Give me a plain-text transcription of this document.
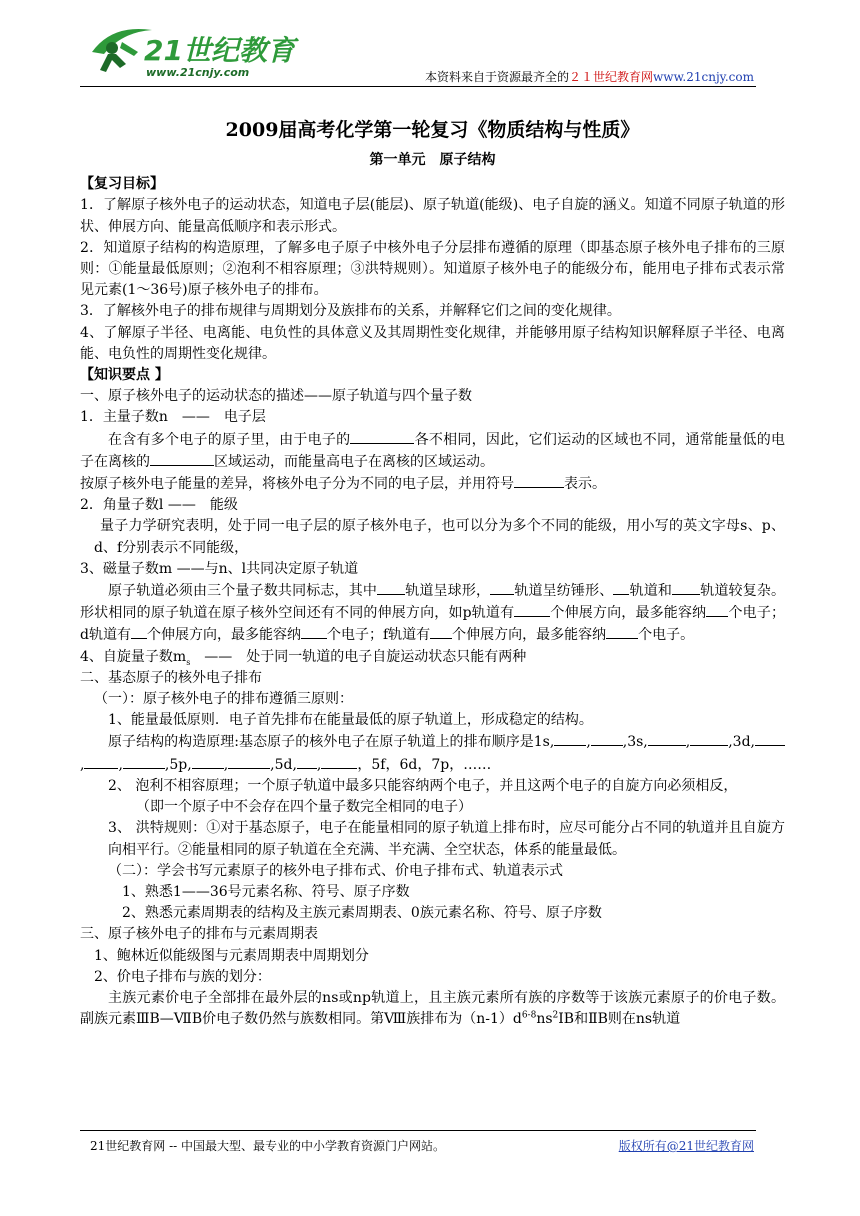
21世纪教育
www.21cnjy.com	本资料来自于资源最齐全的２１世纪教育网www.21cnjy.com
2009届高考化学第一轮复习《物质结构与性质》
第一单元　原子结构

【复习目标】

1．了解原子核外电子的运动状态，知道电子层(能层)、原子轨道(能级)、电子自旋的涵义。知道不同原子轨道的形状、伸展方向、能量高低顺序和表示形式。

2．知道原子结构的构造原理，了解多电子原子中核外电子分层排布遵循的原理（即基态原子核外电子排布的三原则：①能量最低原则；②泡利不相容原理；③洪特规则）。知道原子核外电子的能级分布，能用电子排布式表示常见元素(1～36号)原子核外电子的排布。

3．了解核外电子的排布规律与周期划分及族排布的关系，并解释它们之间的变化规律。

4、了解原子半径、电离能、电负性的具体意义及其周期性变化规律，并能够用原子结构知识解释原子半径、电离能、电负性的周期性变化规律。

【知识要点 】

一、原子核外电子的运动状态的描述——原子轨道与四个量子数

1．主量子数n　——　电子层

在含有多个电子的原子里，由于电子的	各不相同，因此，它们运动的区域也不同，通常能量低的电子在离核的	区域运动，而能量高电子在离核的区域运动。

按原子核外电子能量的差异，将核外电子分为不同的电子层，并用符号	表示。

2．角量子数l ——　能级

量子力学研究表明，处于同一电子层的原子核外电子，也可以分为多个不同的能级，用小写的英文字母s、p、d、f分别表示不同能级，

3、磁量子数m ——与n、l共同决定原子轨道

原子轨道必须由三个量子数共同标志，其中 轨道呈球形， 轨道呈纺锤形、 轨道和 轨道较复杂。形状相同的原子轨道在原子核外空间还有不同的伸展方向，如p轨道有	个伸展方向，最多能容纳 个电子；d轨道有 个伸展方向，最多能容纳 个电子；f轨道有 个伸展方向，最多能容纳 个电子。

4、自旋量子数$m_s$　 ——　处于同一轨道的电子自旋运动状态只能有两种

二、基态原子的核外电子排布

（一）：原子核外电子的排布遵循三原则：

1、能量最低原则．电子首先排布在能量最低的原子轨道上，形成稳定的结构。

原子结构的构造原理:基态原子的核外电子在原子轨道上的排布顺序是1s, , ,3s,	,	,3d,, ,	,5p, ,	,5d, ,	，5f，6d，7p，……

2、 泡利不相容原理；一个原子轨道中最多只能容纳两个电子，并且这两个电子的自旋方向必须相反，

（即一个原子中不会存在四个量子数完全相同的电子）

3、 洪特规则：①对于基态原子，电子在能量相同的原子轨道上排布时，应尽可能分占不同的轨道并且自旋方向相平行。②能量相同的原子轨道在全充满、半充满、全空状态，体系的能量最低。

（二）：学会书写元素原子的核外电子排布式、价电子排布式、轨道表示式

1、熟悉1——36号元素名称、符号、原子序数

2、熟悉元素周期表的结构及主族元素周期表、0族元素名称、符号、原子序数

三、原子核外电子的排布与元素周期表

1、鲍林近似能级图与元素周期表中周期划分

2、价电子排布与族的划分：

主族元素价电子全部排在最外层的ns或np轨道上，且主族元素所有族的序数等于该族元素原子的价电子数。副族元素ⅢB—ⅦB价电子数仍然与族数相同。第Ⅷ族排布为$(n-1)d^{6-8}ns^2ⅠB$和ⅡB则在ns轨道

21世纪教育网 -- 中国最大型、最专业的中小学教育资源门户网站。	版权所有@21世纪教育网
